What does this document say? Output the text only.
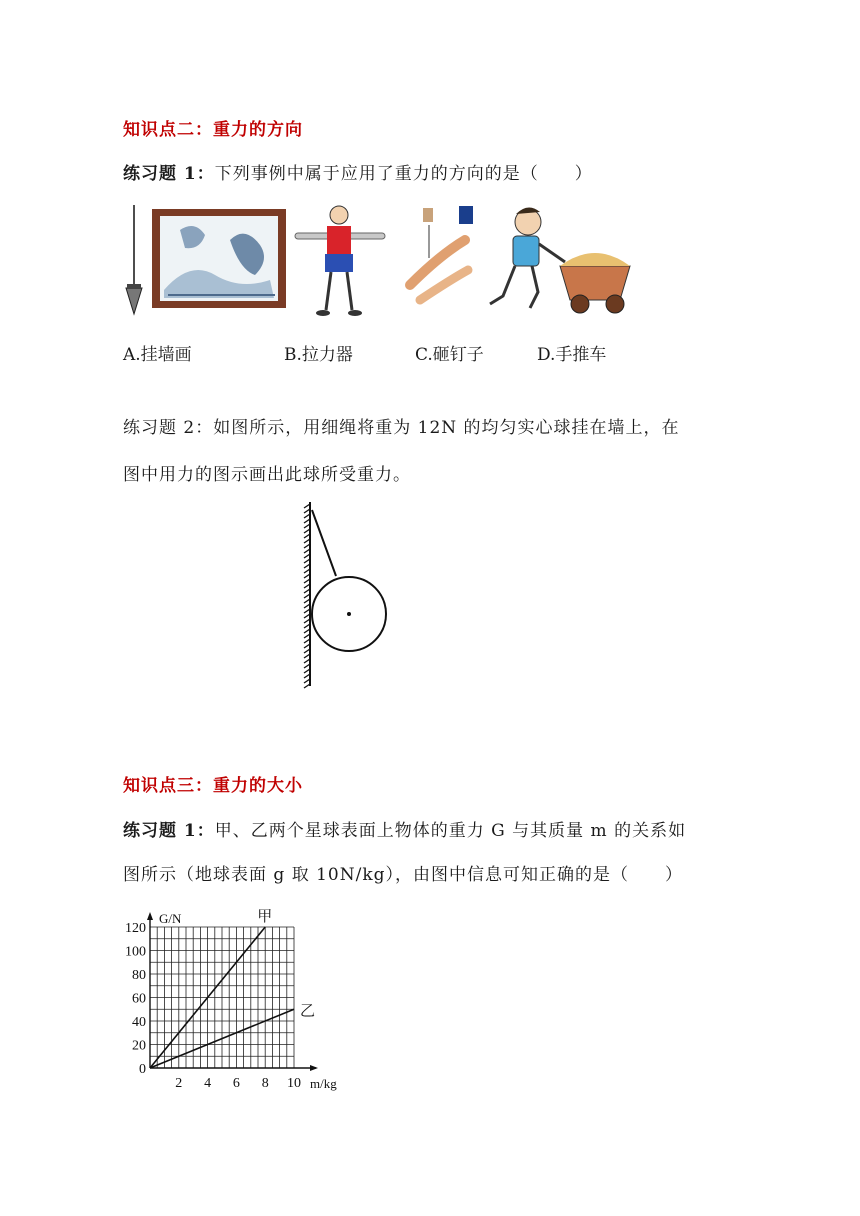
知识点二：重力的方向
练习题 1：下列事例中属于应用了重力的方向的是（　　）
A.挂墙画	B.拉力器	C.砸钉子	D.手推车
练习题 2：如图所示，用细绳将重为 12N 的均匀实心球挂在墙上，在
图中用力的图示画出此球所受重力。
知识点三：重力的大小
练习题 1：甲、乙两个星球表面上物体的重力 G 与其质量 m 的关系如
图所示（地球表面 g 取 10N/kg），由图中信息可知正确的是（　　）
0
20
40
60
80
100
120
2 4 6 8 10 m/kg
G/N	甲
乙
